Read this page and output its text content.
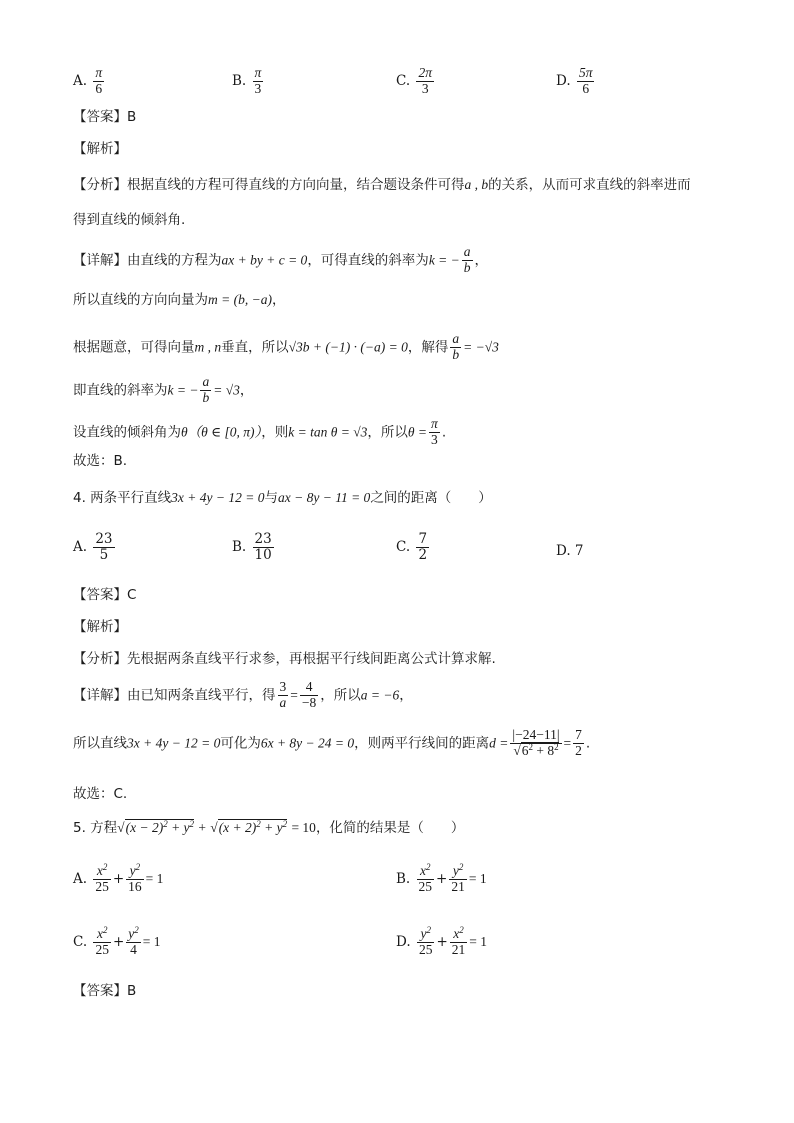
A. $\frac{\pi}{6}$	B. $\frac{\pi}{3}$	C. $\frac{2\pi}{3}$	D. $\frac{5\pi}{6}$
【答案】B
【解析】
【分析】根据直线的方程可得直线的方向向量，结合题设条件可得a , b的关系，从而可求直线的斜率进而
得到直线的倾斜角.
【详解】由直线的方程为ax + by + c = 0，可得直线的斜率为k = − $\frac{a}{b}$ ，
所以直线的方向向量为m = (b, −a)，
根据题意，可得向量m , n垂直，所以√3b + (−1) · (−a) = 0，解得 $\frac{a}{b} = -√3$
即直线的斜率为k = − $\frac{a}{b} = √3$，
设直线的倾斜角为θ（θ ∈ [0, π)），则k = tan θ = √3，所以$\theta = \frac{\pi}{3}$ .
故选：B.
4. 两条平行直线3x + 4y − 12 = 0与ax − 8y − 11 = 0之间的距离（　　）
A. $\frac{23}{5}$	B. $\frac{23}{10}$	C. $\frac{7}{2}$	D. 7
【答案】C
【解析】
【分析】先根据两条直线平行求参，再根据平行线间距离公式计算求解.
【详解】由已知两条直线平行，得 $\frac{3}{a} = \frac{4}{-8}$ ，所以a = −6，
所以直线3x + 4y − 12 = 0可化为6x + 8y − 24 = 0，则两平行线间的距离$d = \frac{|-24-11|}{√6^2 + 8^2} = \frac{7}{2}$ .
故选：C.
5. 方程$√(x - 2)^2 + y^2 + √(x + 2)^2 + y^2 = 10$，化简的结果是（　　）
A. $\frac{x^2}{25} + \frac{y^2}{16} = 1$	B. $\frac{x^2}{25} + \frac{y^2}{21} = 1$
C. $\frac{x^2}{25} + \frac{y^2}{4} = 1$	D. $\frac{y^2}{25} + \frac{x^2}{21} = 1$
【答案】B
